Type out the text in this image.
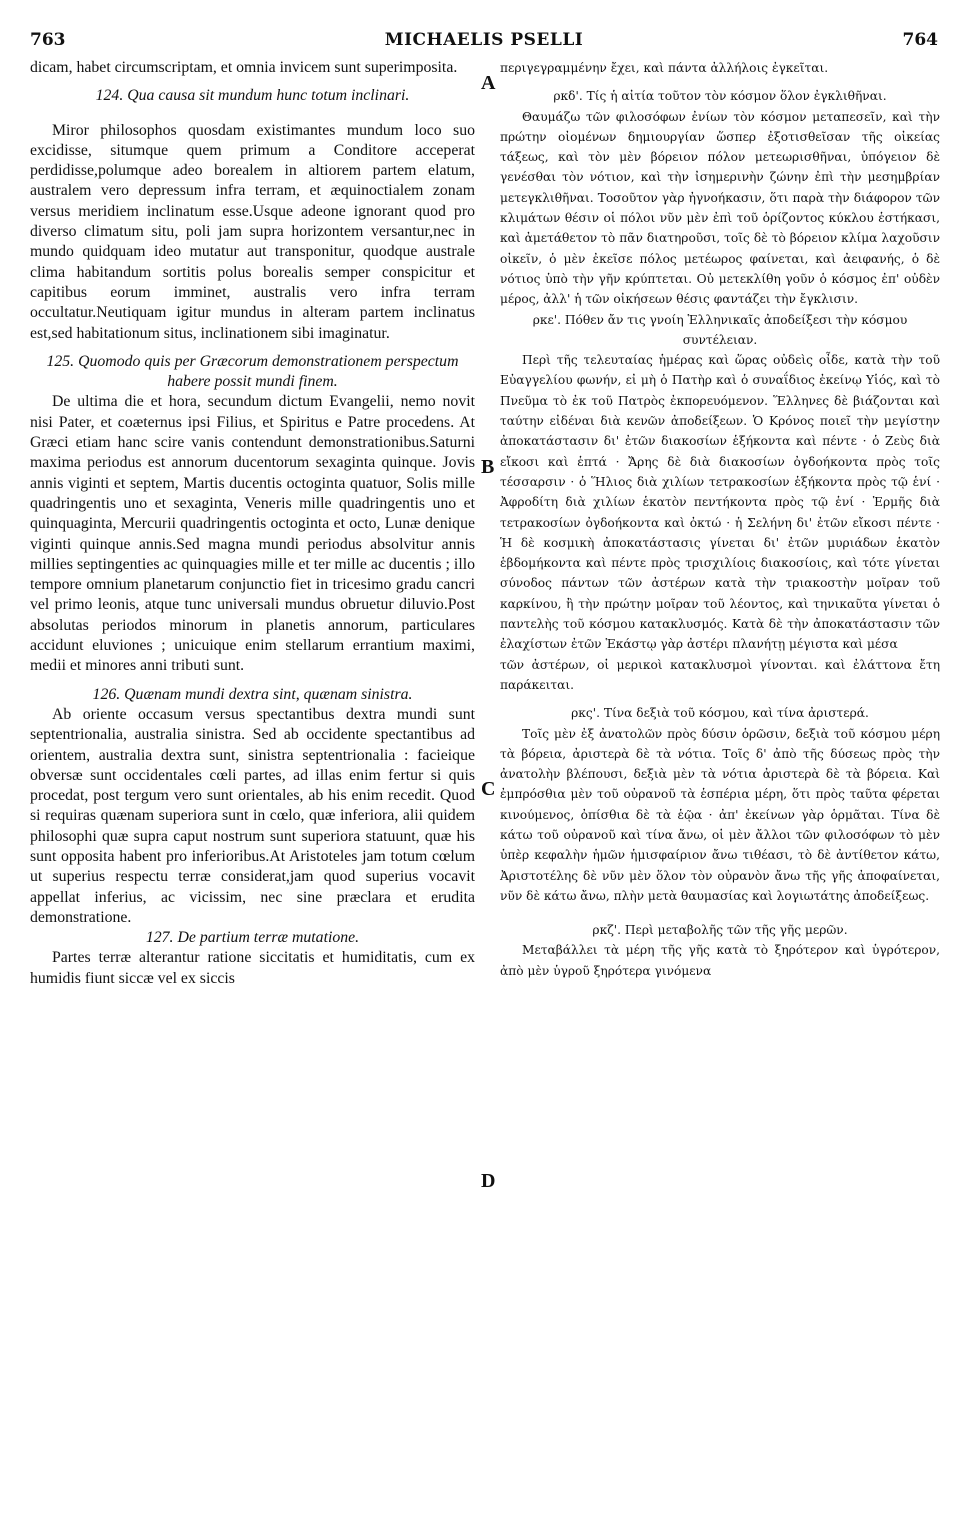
763	MICHAELIS PSELLI	764

dicam, habet circumscriptam, et omnia invicem sunt superimposita.

124. Qua causa sit mundum hunc totum inclinari.

Miror philosophos quosdam existimantes mundum loco suo excidisse, situmque quem primum a Conditore acceperat perdidisse,polumque adeo borealem in altiorem partem elatum, australem vero depressum infra terram, et æquinoctialem zonam versus meridiem inclinatum esse.Usque adeone ignorant quod pro diverso climatum situ, poli jam supra horizontem versantur,nec in mundo quidquam ideo mutatur aut transponitur, quodque australe clima habitandum sortitis polus borealis semper conspicitur et capitibus eorum imminet, australis vero infra terram occultatur.Neutiquam igitur mundus in alteram partem inclinatus est,sed habitationum situs, inclinationem sibi imaginatur.

125. Quomodo quis per Græcorum demonstrationem perspectum habere possit mundi finem.

De ultima die et hora, secundum dictum Evangelii, nemo novit nisi Pater, et coæternus ipsi Filius, et Spiritus e Patre procedens. At Græci etiam hanc scire vanis contendunt demonstrationibus.Saturni maxima periodus est annorum ducentorum sexaginta quinque. Jovis annis viginti et septem, Martis ducentis octoginta quatuor, Solis mille quadringentis uno et sexaginta, Veneris mille quadringentis uno et quinquaginta, Mercurii quadringentis octoginta et octo, Lunæ denique viginti quinque annis.Sed magna mundi periodus absolvitur annis millies septingenties ac quinquagies mille et ter mille ac ducentis ; illo tempore omnium planetarum conjunctio fiet in tricesimo gradu cancri vel primo leonis, atque tunc universali mundus obruetur diluvio.Post absolutas periodos minorum in planetis annorum, particulares accidunt eluviones ; unicuique enim stellarum errantium maximi, medii et minores anni tributi sunt.

126. Quænam mundi dextra sint, quænam sinistra.

Ab oriente occasum versus spectantibus dextra mundi sunt septentrionalia, australia sinistra. Sed ab occidente spectantibus ad orientem, australia dextra sunt, sinistra septentrionalia : facieique obversæ sunt occidentales cœli partes, ad illas enim fertur si quis procedat, post tergum vero sunt orientales, ab his enim recedit. Quod si requiras quænam superiora sunt in cœlo, quæ inferiora, alii quidem philosophi quæ supra caput nostrum sunt superiora statuunt, quæ his sunt opposita habent pro inferioribus.At Aristoteles jam totum cœlum ut superius respectu terræ considerat,jam quod superius vocavit appellat inferius, ac vicissim, nec sine præclara et erudita demonstratione.

127. De partium terræ mutatione.

Partes terræ alterantur ratione siccitatis et humiditatis, cum ex humidis fiunt siccæ vel ex siccis

περιγεγραμμένην ἔχει, καὶ πάντα ἀλλήλοις ἐγκεῖται.

ρκδ'. Τίς ἡ αἰτία τοῦτον τὸν κόσμον ὅλον ἐγκλιθῆναι.

Θαυμάζω τῶν φιλοσόφων ἐνίων τὸν κόσμον μεταπεσεῖν, καὶ τὴν πρώτην οἰομένων δημιουργίαν ὥσπερ ἐξοτισθεῖσαν τῆς οἰκείας τάξεως, καὶ τὸν μὲν βόρειον πόλον μετεωρισθῆναι, ὑπόγειον δὲ γενέσθαι τὸν νότιον, καὶ τὴν ἰσημερινὴν ζώνην ἐπὶ τὴν μεσημβρίαν μετεγκλιθῆναι. Τοσοῦτον γὰρ ἠγνοήκασιν, ὅτι παρὰ τὴν διάφορον τῶν κλιμάτων θέσιν οἱ πόλοι νῦν μὲν ἐπὶ τοῦ ὁρίζοντος κύκλου ἑστήκασι, καὶ ἀμετάθετον τὸ πᾶν διατηροῦσι, τοῖς δὲ τὸ βόρειον κλίμα λαχοῦσιν οἰκεῖν, ὁ μὲν ἐκεῖσε πόλος μετέωρος φαίνεται, καὶ ἀειφανής, ὁ δὲ νότιος ὑπὸ τὴν γῆν κρύπτεται. Οὐ μετεκλίθη γοῦν ὁ κόσμος ἐπ' οὐδὲν μέρος, ἀλλ' ἡ τῶν οἰκήσεων θέσις φαντάζει τὴν ἔγκλισιν.

ρκε'. Πόθεν ἄν τις γνοίη Ἑλληνικαῖς ἀποδείξεσι τὴν κόσμου συντέλειαν.

Περὶ τῆς τελευταίας ἡμέρας καὶ ὥρας οὐδεὶς οἶδε, κατὰ τὴν τοῦ Εὐαγγελίου φωνήν, εἰ μὴ ὁ Πατὴρ καὶ ὁ συναΐδιος ἐκείνῳ Υἱός, καὶ τὸ Πνεῦμα τὸ ἐκ τοῦ Πατρὸς ἐκπορευόμενον. Ἕλληνες δὲ βιάζονται καὶ ταύτην εἰδέναι διὰ κενῶν ἀποδείξεων. Ὁ Κρόνος ποιεῖ τὴν μεγίστην ἀποκατάστασιν δι' ἐτῶν διακοσίων ἑξήκοντα καὶ πέντε · ὁ Ζεὺς διὰ εἴκοσι καὶ ἑπτά · Ἄρης δὲ διὰ διακοσίων ὀγδοήκοντα πρὸς τοῖς τέσσαρσιν · ὁ Ἥλιος διὰ χιλίων τετρακοσίων ἑξήκοντα πρὸς τῷ ἑνί · Ἀφροδίτη διὰ χιλίων ἑκατὸν πεντήκοντα πρὸς τῷ ἑνί · Ἑρμῆς διὰ τετρακοσίων ὀγδοήκοντα καὶ ὀκτώ · ἡ Σελήνη δι' ἐτῶν εἴκοσι πέντε · Ἡ δὲ κοσμικὴ ἀποκατάστασις γίνεται δι' ἐτῶν μυριάδων ἑκατὸν ἑβδομήκοντα καὶ πέντε πρὸς τρισχιλίοις διακοσίοις, καὶ τότε γίνεται σύνοδος πάντων τῶν ἀστέρων κατὰ τὴν τριακοστὴν μοῖραν τοῦ καρκίνου, ἢ τὴν πρώτην μοῖραν τοῦ λέοντος, καὶ τηνικαῦτα γίνεται ὁ παντελὴς τοῦ κόσμου κατακλυσμός. Κατὰ δὲ τὴν ἀποκατάστασιν τῶν ἐλαχίστων ἐτῶν Ἑκάστῳ γὰρ ἀστέρι πλανήτῃ μέγιστα καὶ μέσα

τῶν ἀστέρων, οἱ μερικοὶ κατακλυσμοὶ γίνονται. καὶ ἐλάττονα ἔτη παράκειται.

ρκς'. Τίνα δεξιὰ τοῦ κόσμου, καὶ τίνα ἀριστερά.

Τοῖς μὲν ἐξ ἀνατολῶν πρὸς δύσιν ὁρῶσιν, δεξιὰ τοῦ κόσμου μέρη τὰ βόρεια, ἀριστερὰ δὲ τὰ νότια. Τοῖς δ' ἀπὸ τῆς δύσεως πρὸς τὴν ἀνατολὴν βλέπουσι, δεξιὰ μὲν τὰ νότια ἀριστερὰ δὲ τὰ βόρεια. Καὶ ἐμπρόσθια μὲν τοῦ οὐρανοῦ τὰ ἑσπέρια μέρη, ὅτι πρὸς ταῦτα φέρεται κινούμενος, ὀπίσθια δὲ τὰ ἑῷα · ἀπ' ἐκείνων γὰρ ὁρμᾶται. Τίνα δὲ κάτω τοῦ οὐρανοῦ καὶ τίνα ἄνω, οἱ μὲν ἄλλοι τῶν φιλοσόφων τὸ μὲν ὑπὲρ κεφαλὴν ἡμῶν ἡμισφαίριον ἄνω τιθέασι, τὸ δὲ ἀντίθετον κάτω, Ἀριστοτέλης δὲ νῦν μὲν ὅλον τὸν οὐρανὸν ἄνω τῆς γῆς ἀποφαίνεται, νῦν δὲ κάτω ἄνω, πλὴν μετὰ θαυμασίας καὶ λογιωτάτης ἀποδείξεως.

ρκζ'. Περὶ μεταβολῆς τῶν τῆς γῆς μερῶν.

Μεταβάλλει τὰ μέρη τῆς γῆς κατὰ τὸ ξηρότερον καὶ ὑγρότερον, ἀπὸ μὲν ὑγροῦ ξηρότερα γινόμενα

A
B
C
D
